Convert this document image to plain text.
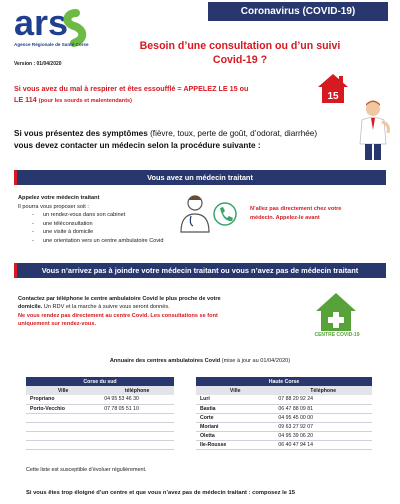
ars
Agence Régionale de Santé Corse
Version : 01/04/2020
Coronavirus (COVID-19)
Besoin d’une consultation ou d’un suivi
Covid-19 ?
Si vous avez du mal à respirer et êtes essoufflé = APPELEZ LE 15 ou
LE 114 (pour les sourds et malentendants)	15
Si vous présentez des symptômes (fièvre, toux, perte de goût, d’odorat, diarrhée)
vous devez contacter un médecin selon la procédure suivante :
Vous avez un médecin traitant
Appelez votre médecin traitant
Il pourra vous proposer soit :
- un rendez-vous dans son cabinet
- une téléconsultation
- une visite à domicile
- une orientation vers un centre ambulatoire Covid
N’allez pas directement chez votre
médecin. Appelez-le avant
Vous n’arrivez pas à joindre votre médecin traitant ou vous n’avez pas de médecin traitant
Contactez par téléphone le centre ambulatoire Covid le plus proche de votre
domicile. Un RDV et la marche à suivre vous seront donnés.
Ne vous rendez pas directement au centre Covid. Les consultations se font
uniquement sur rendez-vous.
CENTRE COVID-19
Annuaire des centres ambulatoires Covid (mise à jour au 01/04/2020)
Corse du sud	
Ville	téléphone
Propriano	04 95 53 46 30
Porto-Vecchio	07 78 05 51 10

Haute Corse	
Ville	Téléphone
Luri	07 88 20 92 24
Bastia	06 47 88 09 81
Corte	04 95 45 00 00
Moriani	09 63 27 92 07
Oletta	04 95 39 06 20
Ile-Rousse	06 40 47 94 14
Cette liste est susceptible d’évoluer régulièrement.
Si vous êtes trop éloigné d’un centre et que vous n’avez pas de médecin traitant : composez le 15
